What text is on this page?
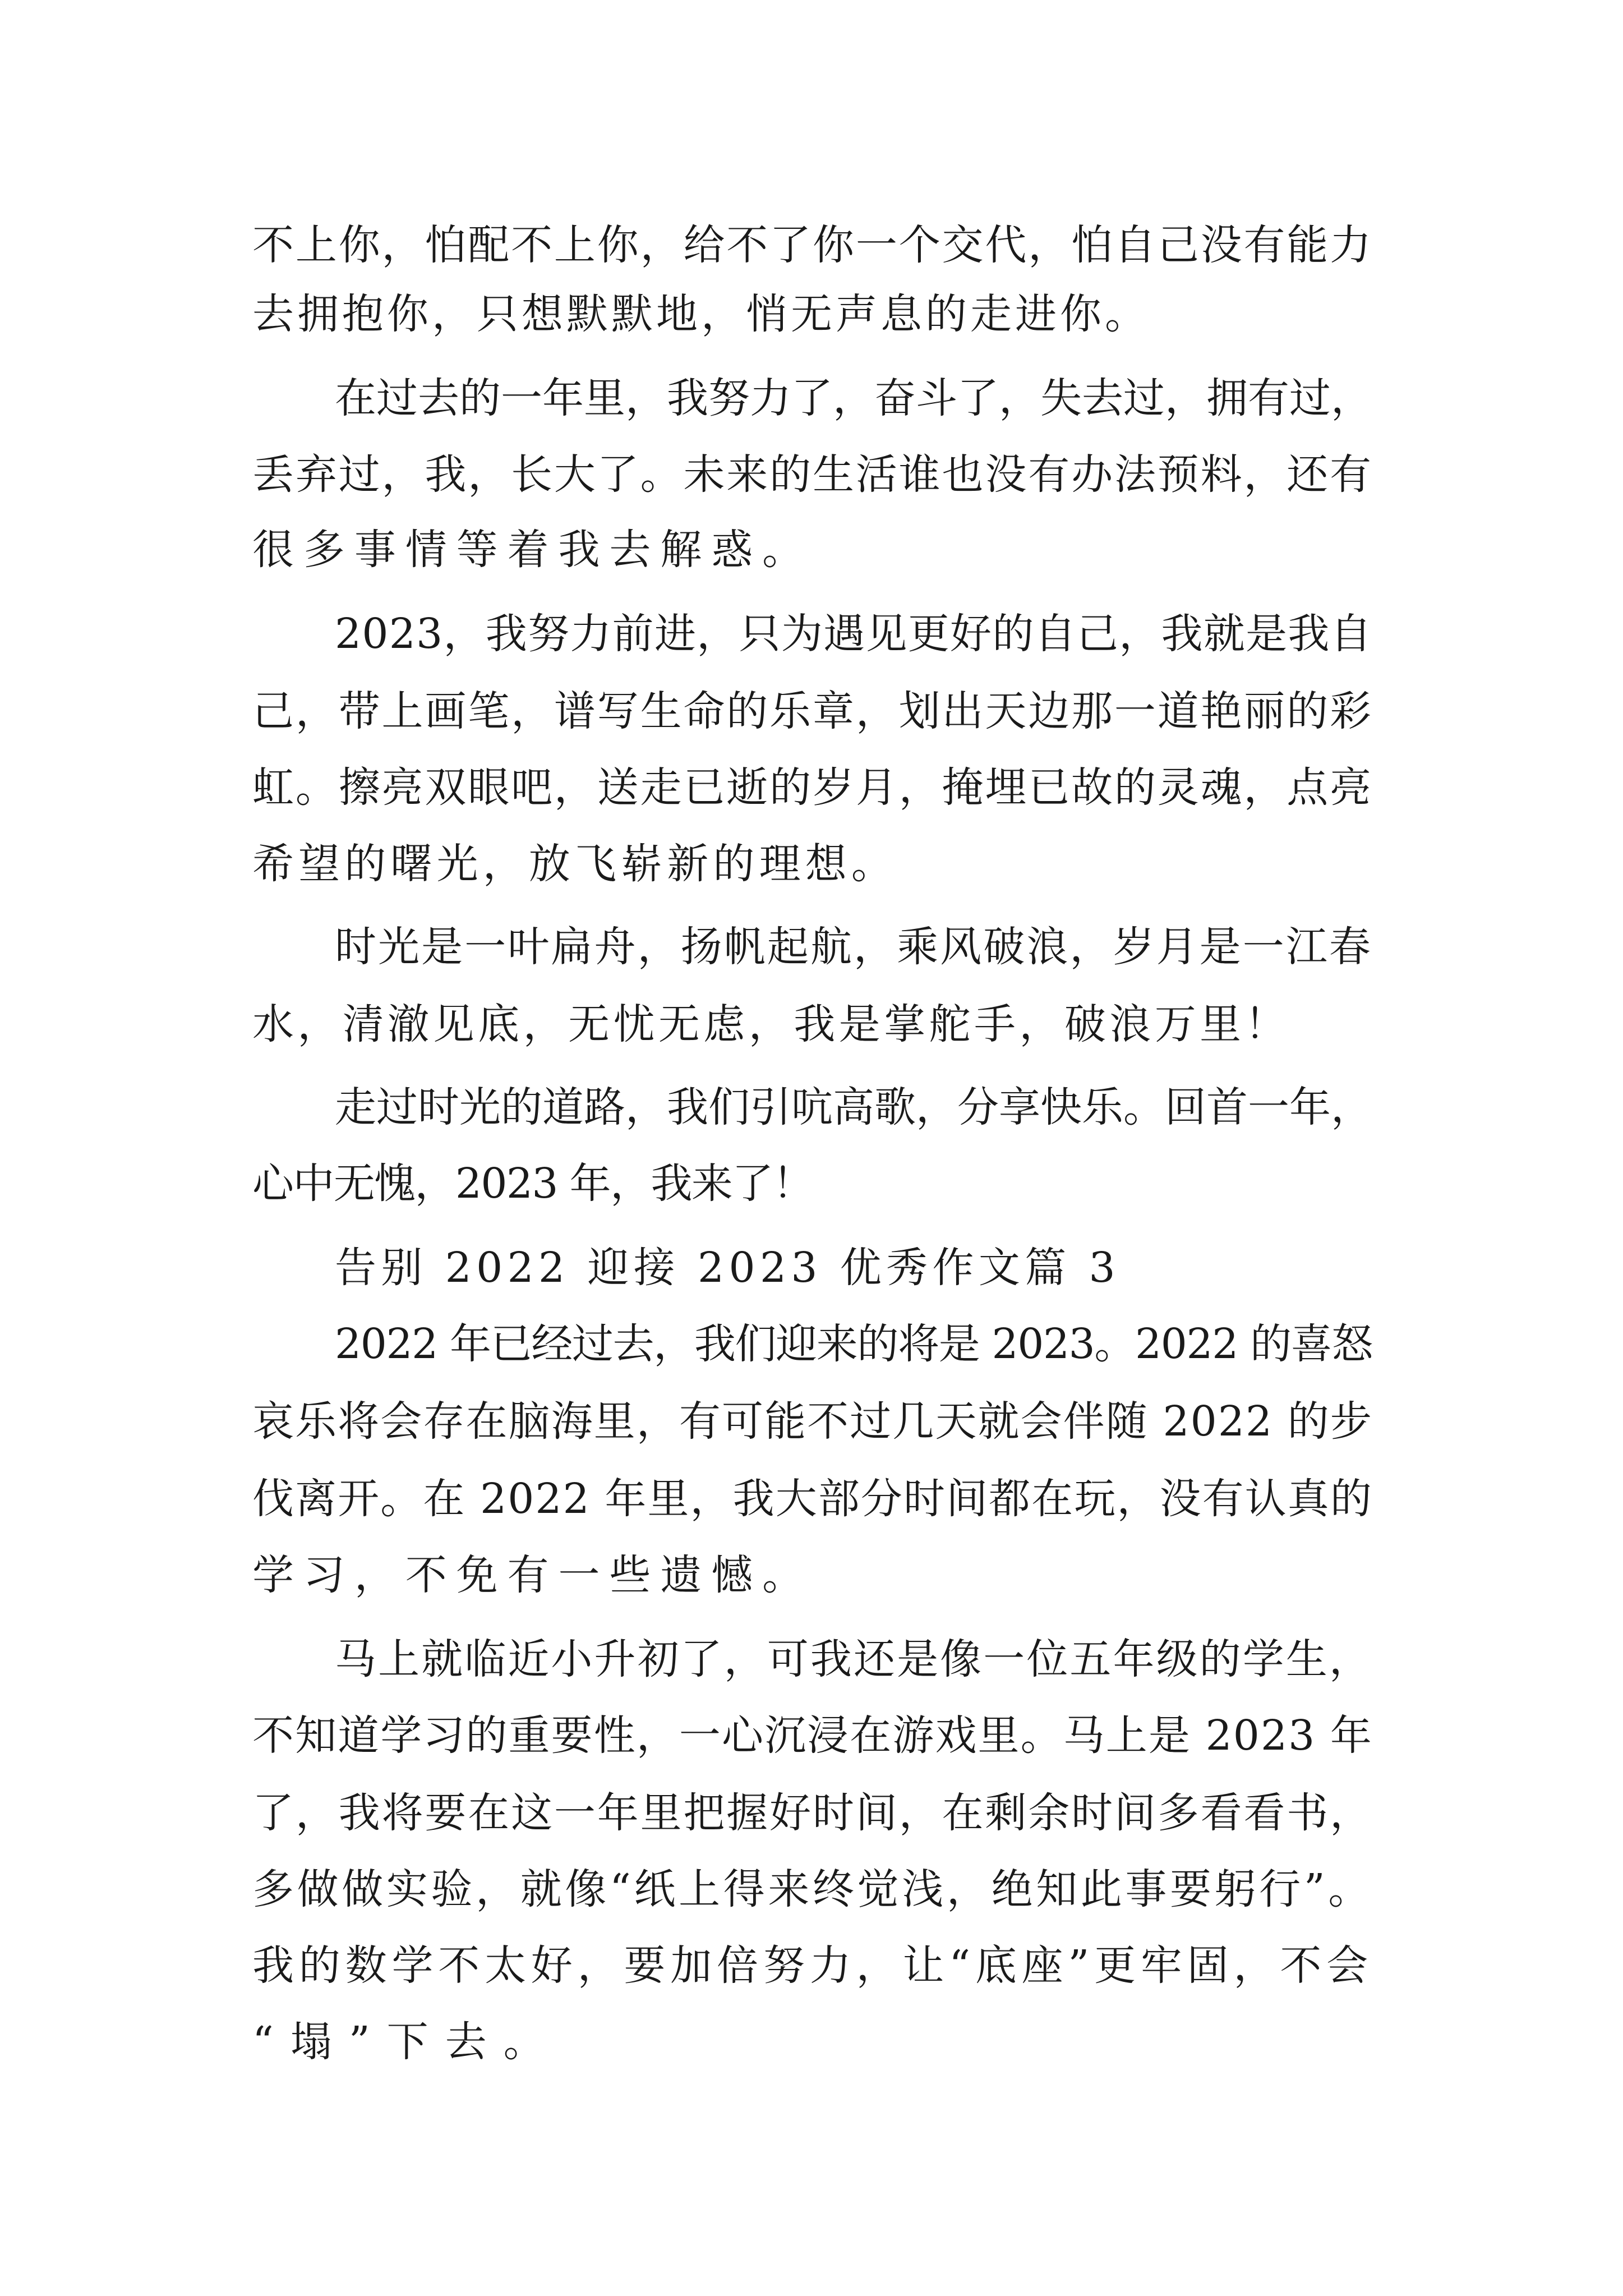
不上你，怕配不上你，给不了你一个交代，怕自己没有能力
去拥抱你，只想默默地，悄无声息的走进你。
在过去的一年里，我努力了，奋斗了，失去过，拥有过，
丢弃过，我，长大了。未来的生活谁也没有办法预料，还有
很多事情等着我去解惑。
2023，我努力前进，只为遇见更好的自己，我就是我自
己，带上画笔，谱写生命的乐章，划出天边那一道艳丽的彩
虹。擦亮双眼吧，送走已逝的岁月，掩埋已故的灵魂，点亮
希望的曙光，放飞崭新的理想。
时光是一叶扁舟，扬帆起航，乘风破浪，岁月是一江春
水，清澈见底，无忧无虑，我是掌舵手，破浪万里！
走过时光的道路，我们引吭高歌，分享快乐。回首一年，
心中无愧，2023 年，我来了！
告别 2022 迎接 2023 优秀作文篇 3
2022 年已经过去，我们迎来的将是 2023。2022 的喜怒
哀乐将会存在脑海里，有可能不过几天就会伴随 2022 的步
伐离开。在 2022 年里，我大部分时间都在玩，没有认真的
学习，不免有一些遗憾。
马上就临近小升初了，可我还是像一位五年级的学生，
不知道学习的重要性，一心沉浸在游戏里。马上是 2023 年
了，我将要在这一年里把握好时间，在剩余时间多看看书，
多做做实验，就像“纸上得来终觉浅，绝知此事要躬行”。
我的数学不太好，要加倍努力，让“底座”更牢固，不会
“塌”下去。
